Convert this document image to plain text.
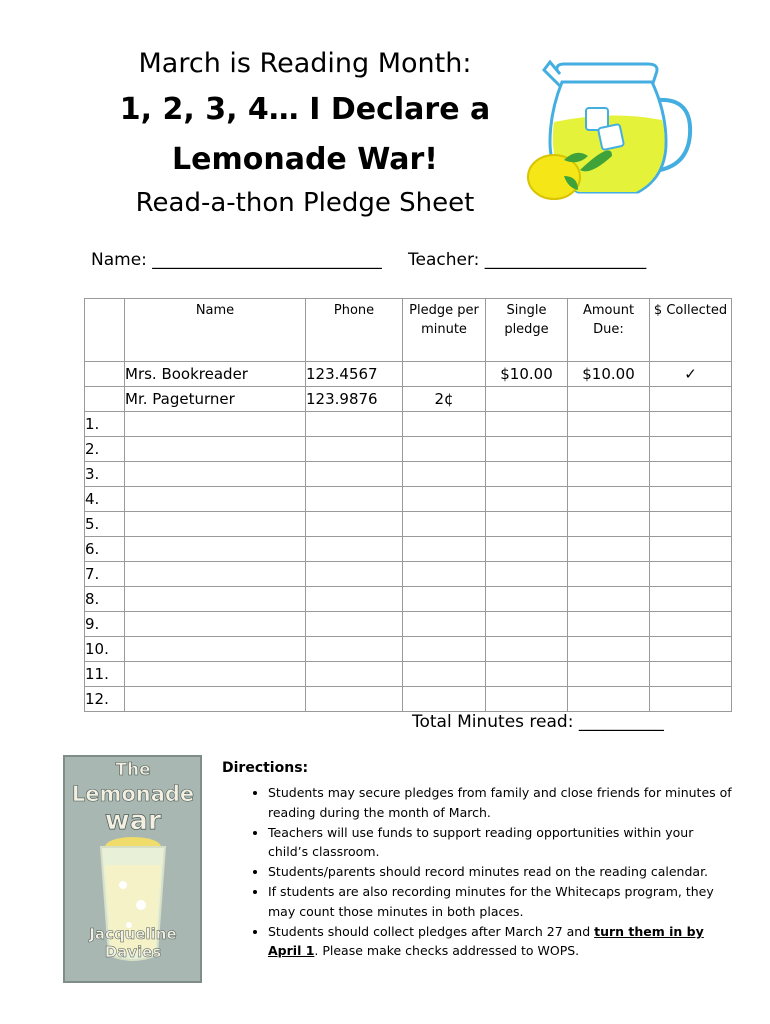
March is Reading Month:
1, 2, 3, 4… I Declare a
Lemonade War!
Read-a-thon Pledge Sheet
Name: ___________________________ Teacher: ___________________
	Name	Phone	Pledge per minute	Single pledge	Amount Due:	$ Collected
	Mrs. Bookreader	123.4567		$10.00	$10.00	✓
	Mr. Pageturner	123.9876	2¢			
1.						
2.						
3.						
4.						
5.						
6.						
7.						
8.						
9.						
10.						
11.						
12.						
Total Minutes read: __________
The
Lemonade
war
Jacqueline
Davies
Directions:
• Students may secure pledges from family and close friends for minutes of reading during the month of March.
• Teachers will use funds to support reading opportunities within your child’s classroom.
• Students/parents should record minutes read on the reading calendar.
• If students are also recording minutes for the Whitecaps program, they may count those minutes in both places.
• Students should collect pledges after March 27 and turn them in by April 1. Please make checks addressed to WOPS.
